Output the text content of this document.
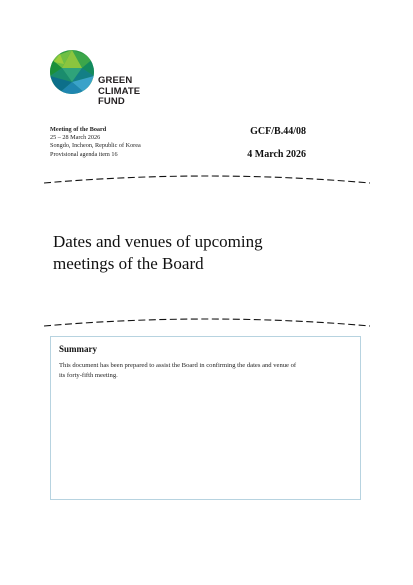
GREEN
CLIMATE
FUND
Meeting of the Board
25 – 28 March 2026
Songdo, Incheon, Republic of Korea
Provisional agenda item 16
GCF/B.44/08
4 March 2026
Dates and venues of upcoming
meetings of the Board
Summary
This document has been prepared to assist the Board in confirming the dates and venue of
its forty-fifth meeting.
